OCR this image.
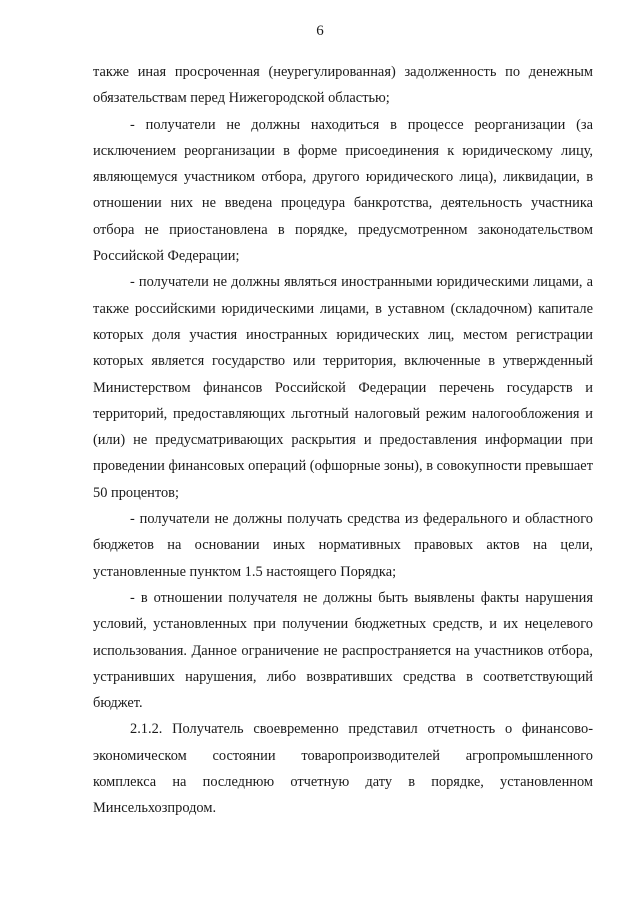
6

также иная просроченная (неурегулированная) задолженность по денежным обязательствам перед Нижегородской областью;

- получатели не должны находиться в процессе реорганизации (за исключением реорганизации в форме присоединения к юридическому лицу, являющемуся участником отбора, другого юридического лица), ликвидации, в отношении них не введена процедура банкротства, деятельность участника отбора не приостановлена в порядке, предусмотренном законодательством Российской Федерации;

- получатели не должны являться иностранными юридическими лицами, а также российскими юридическими лицами, в уставном (складочном) капитале которых доля участия иностранных юридических лиц, местом регистрации которых является государство или территория, включенные в утвержденный Министерством финансов Российской Федерации перечень государств и территорий, предоставляющих льготный налоговый режим налогообложения и (или) не предусматривающих раскрытия и предоставления информации при проведении финансовых операций (офшорные зоны), в совокупности превышает 50 процентов;

- получатели не должны получать средства из федерального и областного бюджетов на основании иных нормативных правовых актов на цели, установленные пунктом 1.5 настоящего Порядка;

- в отношении получателя не должны быть выявлены факты нарушения условий, установленных при получении бюджетных средств, и их нецелевого использования. Данное ограничение не распространяется на участников отбора, устранивших нарушения, либо возвративших средства в соответствующий бюджет.

2.1.2. Получатель своевременно представил отчетность о финансово-экономическом состоянии товаропроизводителей агропромышленного комплекса на последнюю отчетную дату в порядке, установленном Минсельхозпродом.
